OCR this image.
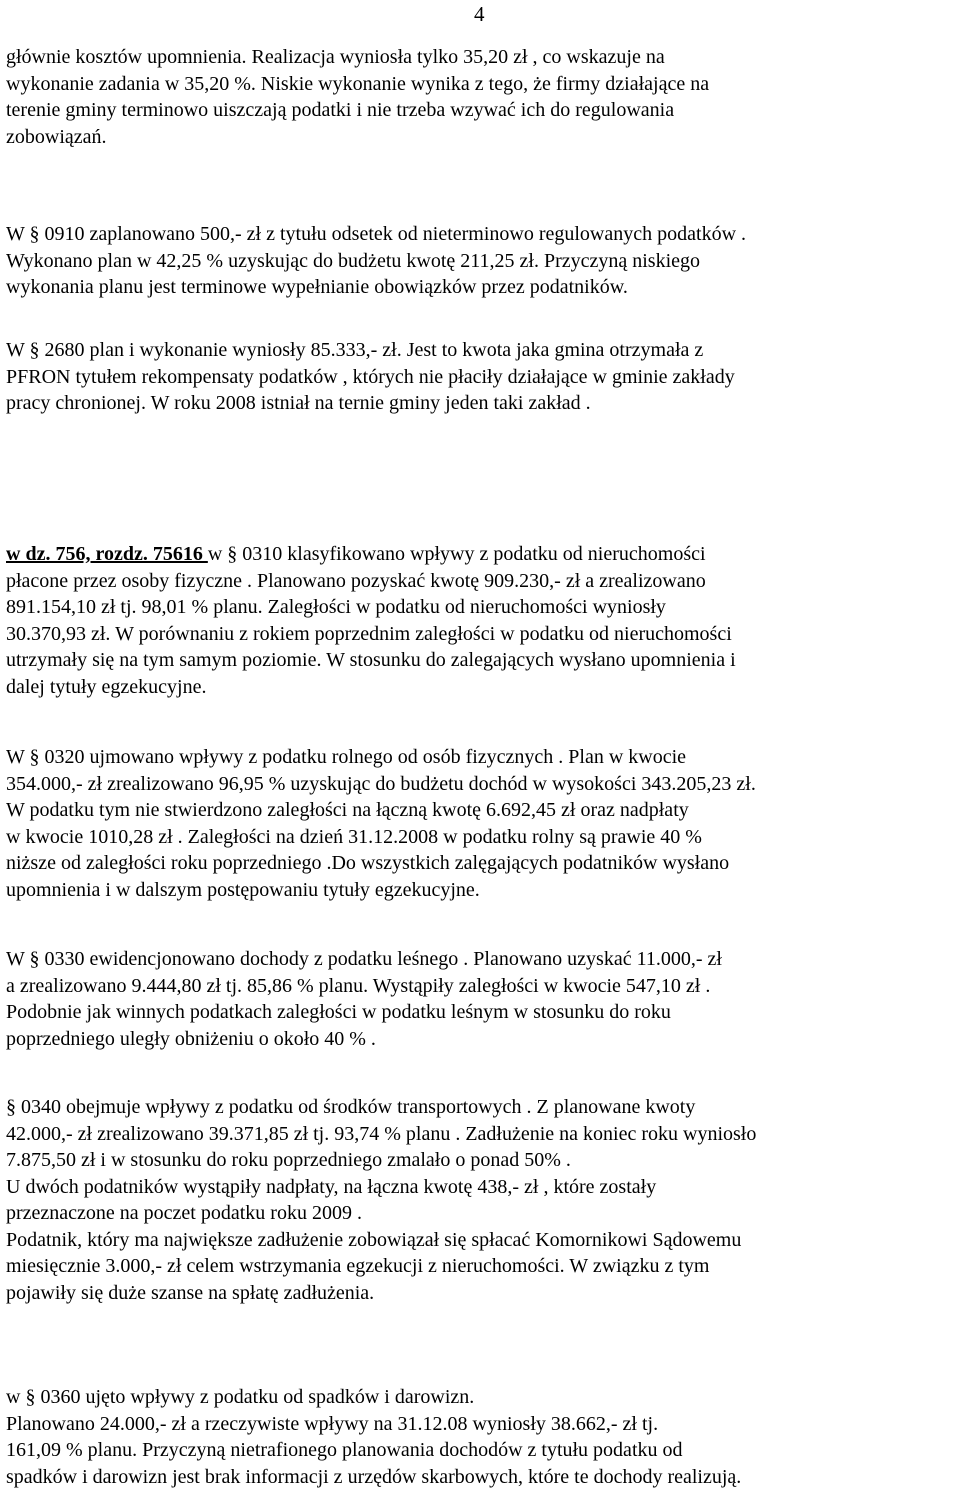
4
głównie kosztów upomnienia. Realizacja wyniosła tylko 35,20 zł , co wskazuje na
wykonanie zadania w 35,20 %. Niskie wykonanie wynika z tego, że firmy działające na
terenie gminy terminowo uiszczają podatki i nie trzeba wzywać ich do regulowania
zobowiązań.
W § 0910 zaplanowano 500,- zł z tytułu odsetek od nieterminowo regulowanych podatków .
Wykonano plan w 42,25 % uzyskując do budżetu kwotę 211,25 zł. Przyczyną niskiego
wykonania planu jest terminowe wypełnianie obowiązków przez podatników.
W § 2680 plan i wykonanie wyniosły 85.333,- zł. Jest to kwota jaka gmina otrzymała z
PFRON tytułem rekompensaty podatków , których nie płaciły działające w gminie zakłady
pracy chronionej. W roku 2008 istniał na ternie gminy jeden taki zakład .
w dz. 756, rozdz. 75616 w § 0310 klasyfikowano wpływy z podatku od nieruchomości
płacone przez osoby fizyczne . Planowano pozyskać kwotę 909.230,- zł a zrealizowano
891.154,10 zł tj. 98,01 % planu. Zaległości w podatku od nieruchomości wyniosły
30.370,93 zł. W porównaniu z rokiem poprzednim zaległości w podatku od nieruchomości
utrzymały się na tym samym poziomie. W stosunku do zalegających wysłano upomnienia i
dalej tytuły egzekucyjne.
W § 0320 ujmowano wpływy z podatku rolnego od osób fizycznych . Plan w kwocie
354.000,- zł zrealizowano 96,95 % uzyskując do budżetu dochód w wysokości 343.205,23 zł.
W podatku tym nie stwierdzono zaległości na łączną kwotę 6.692,45 zł oraz nadpłaty
w kwocie 1010,28 zł . Zaległości na dzień 31.12.2008 w podatku rolny są prawie 40 %
niższe od zaległości roku poprzedniego .Do wszystkich zalęgających podatników wysłano
upomnienia i w dalszym postępowaniu tytuły egzekucyjne.
W § 0330 ewidencjonowano dochody z podatku leśnego . Planowano uzyskać 11.000,- zł
a zrealizowano 9.444,80 zł tj. 85,86 % planu. Wystąpiły zaległości w kwocie 547,10 zł .
Podobnie jak winnych podatkach zaległości w podatku leśnym w stosunku do roku
poprzedniego uległy obniżeniu o około 40 % .
§ 0340 obejmuje wpływy z podatku od środków transportowych . Z planowane kwoty
42.000,- zł zrealizowano 39.371,85 zł tj. 93,74 % planu . Zadłużenie na koniec roku wyniosło
7.875,50 zł i w stosunku do roku poprzedniego zmalało o ponad 50% .
U dwóch podatników wystąpiły nadpłaty, na łączna kwotę 438,- zł , które zostały
przeznaczone na poczet podatku roku 2009 .
Podatnik, który ma największe zadłużenie zobowiązał się spłacać Komornikowi Sądowemu
miesięcznie 3.000,- zł celem wstrzymania egzekucji z nieruchomości. W związku z tym
pojawiły się duże szanse na spłatę zadłużenia.
w § 0360 ujęto wpływy z podatku od spadków i darowizn.
Planowano 24.000,- zł a rzeczywiste wpływy na 31.12.08 wyniosły 38.662,- zł tj.
161,09 % planu. Przyczyną nietrafionego planowania dochodów z tytułu podatku od
spadków i darowizn jest brak informacji z urzędów skarbowych, które te dochody realizują.
